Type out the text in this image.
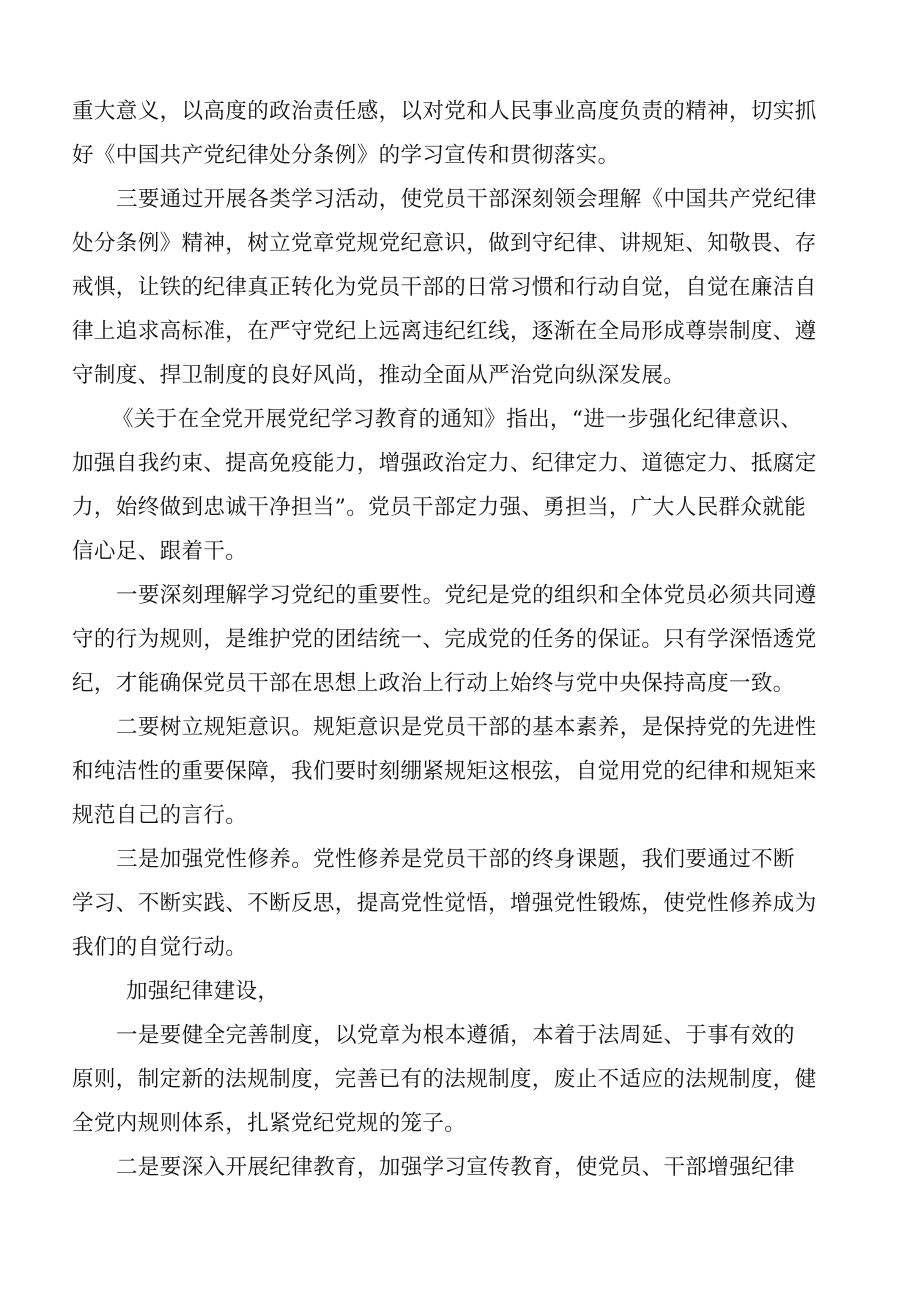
重大意义，以高度的政治责任感，以对党和人民事业高度负责的精神，切实抓
好《中国共产党纪律处分条例》的学习宣传和贯彻落实。
三要通过开展各类学习活动，使党员干部深刻领会理解《中国共产党纪律
处分条例》精神，树立党章党规党纪意识，做到守纪律、讲规矩、知敬畏、存
戒惧，让铁的纪律真正转化为党员干部的日常习惯和行动自觉，自觉在廉洁自
律上追求高标准，在严守党纪上远离违纪红线，逐渐在全局形成尊崇制度、遵
守制度、捍卫制度的良好风尚，推动全面从严治党向纵深发展。
《关于在全党开展党纪学习教育的通知》指出，“进一步强化纪律意识、
加强自我约束、提高免疫能力，增强政治定力、纪律定力、道德定力、抵腐定
力，始终做到忠诚干净担当”。党员干部定力强、勇担当，广大人民群众就能
信心足、跟着干。
一要深刻理解学习党纪的重要性。党纪是党的组织和全体党员必须共同遵
守的行为规则，是维护党的团结统一、完成党的任务的保证。只有学深悟透党
纪，才能确保党员干部在思想上政治上行动上始终与党中央保持高度一致。
二要树立规矩意识。规矩意识是党员干部的基本素养，是保持党的先进性
和纯洁性的重要保障，我们要时刻绷紧规矩这根弦，自觉用党的纪律和规矩来
规范自己的言行。
三是加强党性修养。党性修养是党员干部的终身课题，我们要通过不断
学习、不断实践、不断反思，提高党性觉悟，增强党性锻炼，使党性修养成为
我们的自觉行动。
加强纪律建设，
一是要健全完善制度，以党章为根本遵循，本着于法周延、于事有效的
原则，制定新的法规制度，完善已有的法规制度，废止不适应的法规制度，健
全党内规则体系，扎紧党纪党规的笼子。
二是要深入开展纪律教育，加强学习宣传教育，使党员、干部增强纪律
